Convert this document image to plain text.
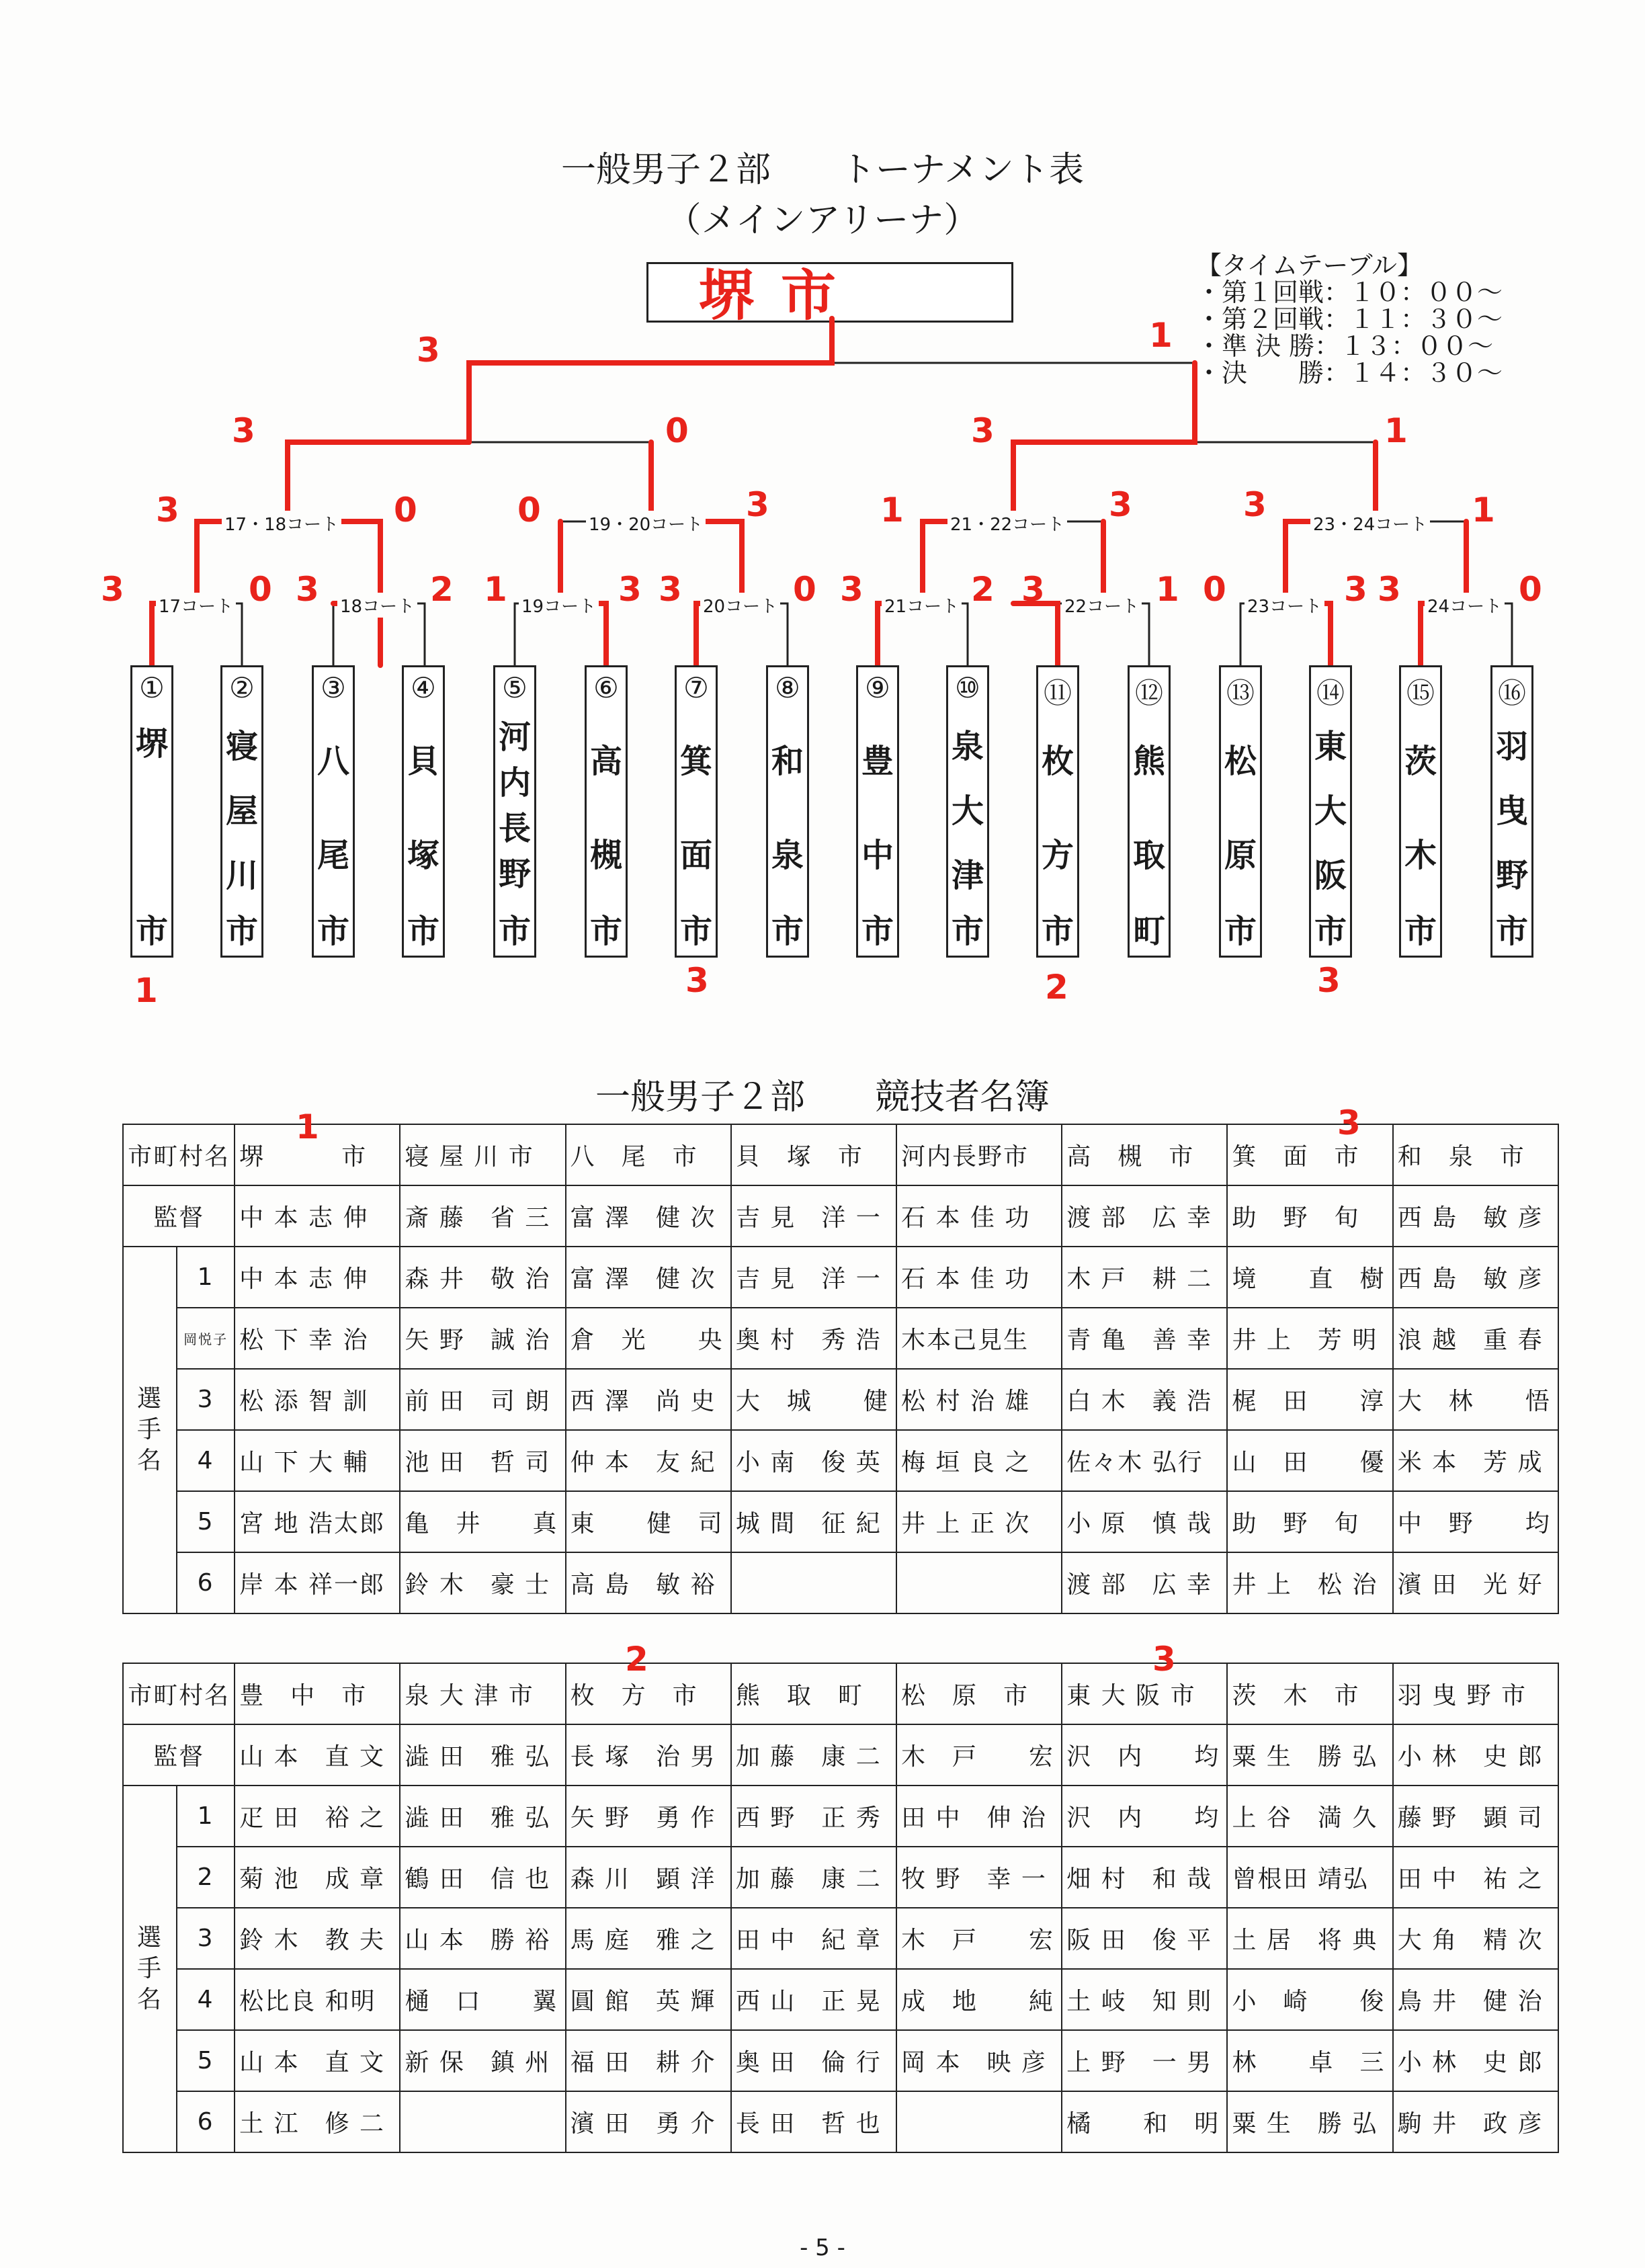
一般男子２部　　トーナメント表
（メインアリーナ）
堺市	【タイムテーブル】
・第１回戦：１０：００～
・第２回戦：１１：３０～
・準 決 勝：１３：００～
・決　　勝：１４：３０～
17・18コート	19・20コート	21・22コート	23・24コート
17コート	18コート	19コート	20コート	21コート	22コート	23コート	24コート
①
堺
市
②
寝
屋
川
市
③
八
尾
市
④
貝
塚
市
⑤
河
内
長
野
市
⑥
高
槻
市
⑦
箕
面
市
⑧
和
泉
市
⑨
豊
中
市
⑩
泉
大
津
市
⑪
枚
方
市
⑫
熊
取
町
⑬
松
原
市
⑭
東
大
阪
市
⑮
茨
木
市
⑯
羽
曳
野
市
3	0 3	2 1	3 3	0 3	2 3	1 0	3 3	0
3	0	0	3	1	3	3	1
3	0	3	1
3	1
1	3	2	3
一般男子２部　　競技者名簿
市町村名		堺　　　市	寝 屋 川 市	八　尾　市	貝　塚　市	河内長野市	高　槻　市	箕　面　市	和　泉　市
監督		中 本 志 伸	斎 藤　省 三	富 澤　健 次	吉 見　洋 一	石 本 佳 功	渡 部　広 幸	助　野　旬	西 島　敏 彦

選
手
名	1	中 本 志 伸	森 井　敬 治	富 澤　健 次	吉 見　洋 一	石 本 佳 功	木 戸　耕 二	境　　直　樹	西 島　敏 彦
	岡悦子	松 下 幸 治	矢 野　誠 治	倉　光　　央	奥 村　秀 浩	木本己見生	青 亀　善 幸	井 上　芳 明	浪 越　重 春
	3	松 添 智 訓	前 田　司 朗	西 澤　尚 史	大　城　　健	松 村 治 雄	白 木　義 浩	梶　田　　淳	大　林　　悟
	4	山 下 大 輔	池 田　哲 司	仲 本　友 紀	小 南　俊 英	梅 垣 良 之	佐々木 弘行	山　田　　優	米 本　芳 成
	5	宮 地 浩太郎	亀　井　　真	東　　健　司	城 間　征 紀	井 上 正 次	小 原　慎 哉	助　野　旬	中　野　　均
	6	岸 本 祥一郎	鈴 木　豪 士	高 島　敏 裕			渡 部　広 幸	井 上　松 治	濱 田　光 好
市町村名		豊　中　市	泉 大 津 市	枚　方　市	熊　取　町	松　原　市	東 大 阪 市	茨　木　市	羽 曳 野 市
監督		山 本　直 文	澁 田　雅 弘	長 塚　治 男	加 藤　康 二	木　戸　　宏	沢　内　　均	粟 生　勝 弘	小 林　史 郎

選
手
名	1	疋 田　裕 之	澁 田　雅 弘	矢 野　勇 作	西 野　正 秀	田 中　伸 治	沢　内　　均	上 谷　満 久	藤 野　顕 司
	2	菊 池　成 章	鶴 田　信 也	森 川　顕 洋	加 藤　康 二	牧 野　幸 一	畑 村　和 哉	曾根田 靖弘	田 中　祐 之
	3	鈴 木　教 夫	山 本　勝 裕	馬 庭　雅 之	田 中　紀 章	木　戸　　宏	阪 田　俊 平	土 居　将 典	大 角　精 次
	4	松比良 和明	樋　口　　翼	圓 館　英 輝	西 山　正 晃	成　地　　純	土 岐　知 則	小　崎　　俊	鳥 井　健 治
	5	山 本　直 文	新 保　鎮 州	福 田　耕 介	奥 田　倫 行	岡 本　映 彦	上 野　一 男	林　　卓　三	小 林　史 郎
	6	土 江　修 二		濱 田　勇 介	長 田　哲 也		橘　　和　明	粟 生　勝 弘	駒 井　政 彦
1	3
2	3
- 5 -
